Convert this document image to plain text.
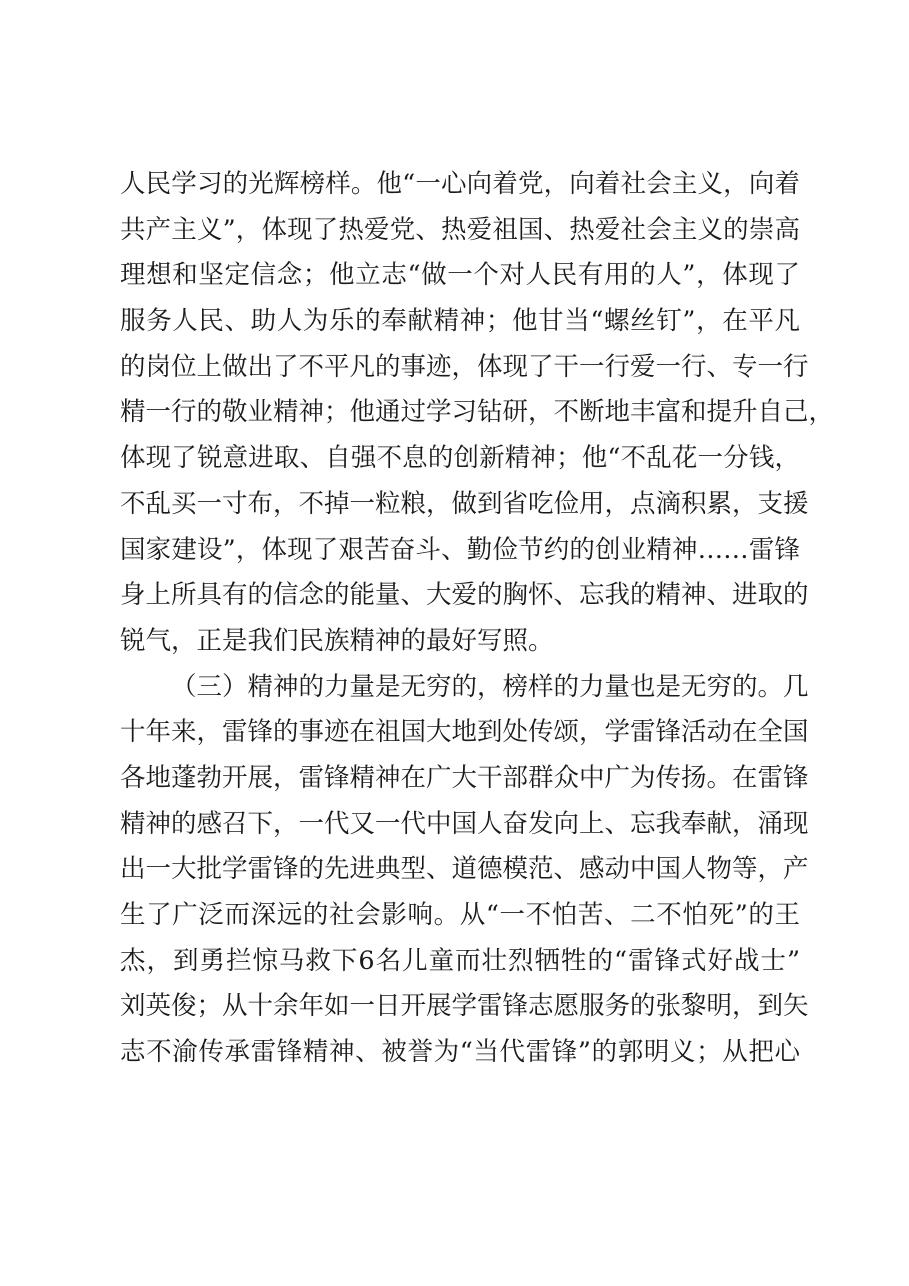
人民学习的光辉榜样。他“一心向着党，向着社会主义，向着
共产主义”，体现了热爱党、热爱祖国、热爱社会主义的崇高
理想和坚定信念；他立志“做一个对人民有用的人”，体现了
服务人民、助人为乐的奉献精神；他甘当“螺丝钉”，在平凡
的岗位上做出了不平凡的事迹，体现了干一行爱一行、专一行
精一行的敬业精神；他通过学习钻研，不断地丰富和提升自己，
体现了锐意进取、自强不息的创新精神；他“不乱花一分钱，
不乱买一寸布，不掉一粒粮，做到省吃俭用，点滴积累，支援
国家建设”，体现了艰苦奋斗、勤俭节约的创业精神……雷锋
身上所具有的信念的能量、大爱的胸怀、忘我的精神、进取的
锐气，正是我们民族精神的最好写照。
（三）精神的力量是无穷的，榜样的力量也是无穷的。几
十年来，雷锋的事迹在祖国大地到处传颂，学雷锋活动在全国
各地蓬勃开展，雷锋精神在广大干部群众中广为传扬。在雷锋
精神的感召下，一代又一代中国人奋发向上、忘我奉献，涌现
出一大批学雷锋的先进典型、道德模范、感动中国人物等，产
生了广泛而深远的社会影响。从“一不怕苦、二不怕死”的王
杰，到勇拦惊马救下6名儿童而壮烈牺牲的“雷锋式好战士”
刘英俊；从十余年如一日开展学雷锋志愿服务的张黎明，到矢
志不渝传承雷锋精神、被誉为“当代雷锋”的郭明义；从把心
